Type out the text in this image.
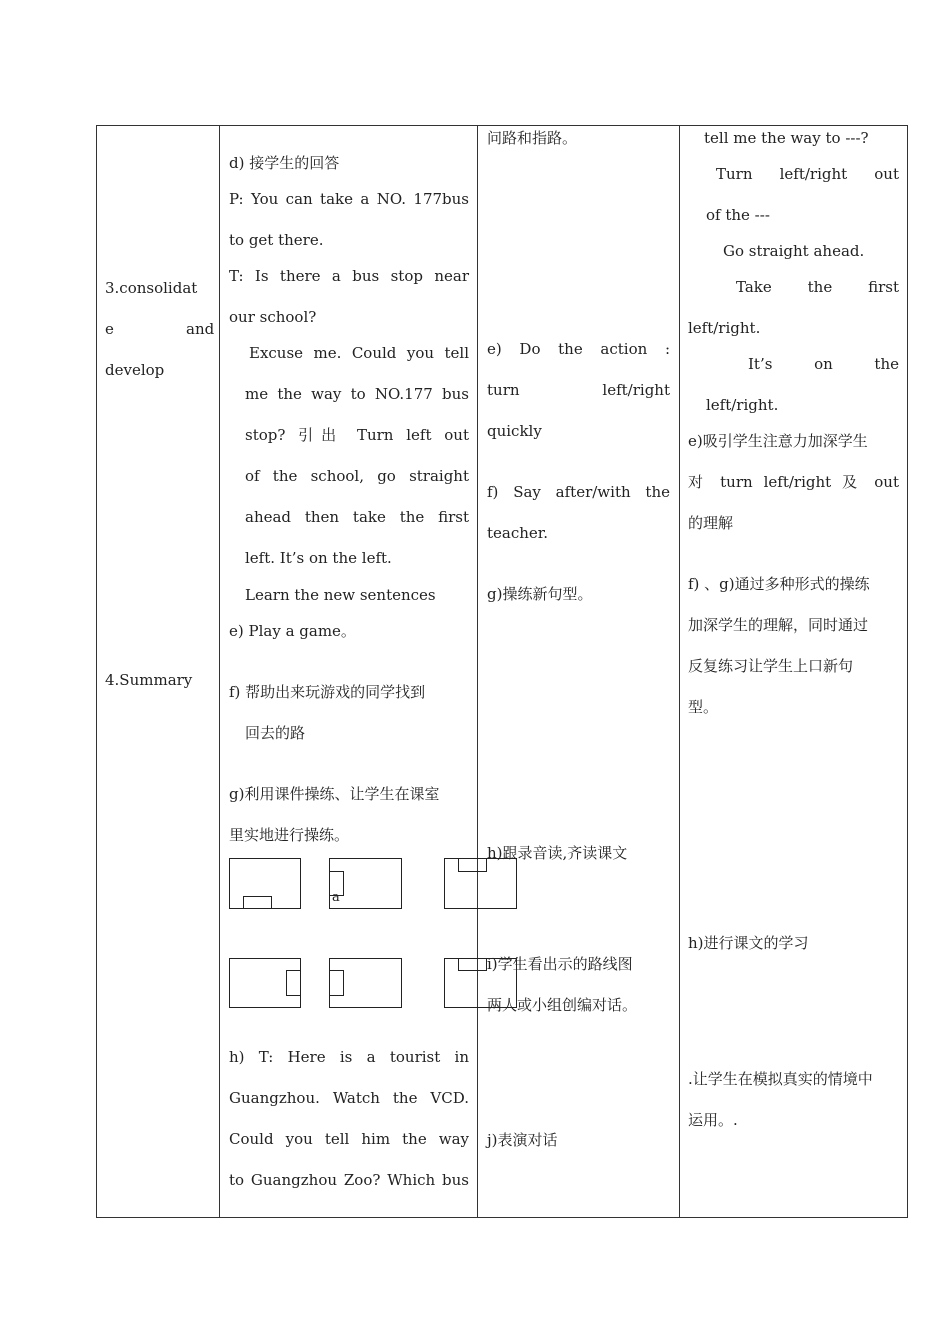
3.consolidat
e	and
develop
4.Summary
d) 接学生的回答
P: You can take a NO. 177bus
to get there.
T: Is there a bus stop near
our school?
Excuse me. Could you tell
me the way to NO.177 bus
stop? 引出 Turn left out
of the school, go straight
ahead then take the first
left. It’s on the left.
Learn the new sentences
e) Play a game。
f) 帮助出来玩游戏的同学找到
回去的路
g)利用课件操练、让学生在课室
里实地进行操练。
a
h) T: Here is a tourist in
Guangzhou. Watch the VCD.
Could you tell him the way
to Guangzhou Zoo? Which bus
问路和指路。
e) Do the action :
turn left/right
quickly
f) Say after/with the
teacher.
g)操练新句型。
h)跟录音读,齐读课文
i)学生看出示的路线图
两人或小组创编对话。
j)表演对话
tell me the way to ---?
Turn left/right out
of the ---
Go straight ahead.
Take the first
left/right.
It’s on the
left/right.
e)吸引学生注意力加深学生
对 turn left/right 及 out
的理解
f) 、g)通过多种形式的操练
加深学生的理解，同时通过
反复练习让学生上口新句
型。
h)进行课文的学习
.让学生在模拟真实的情境中
运用。.
